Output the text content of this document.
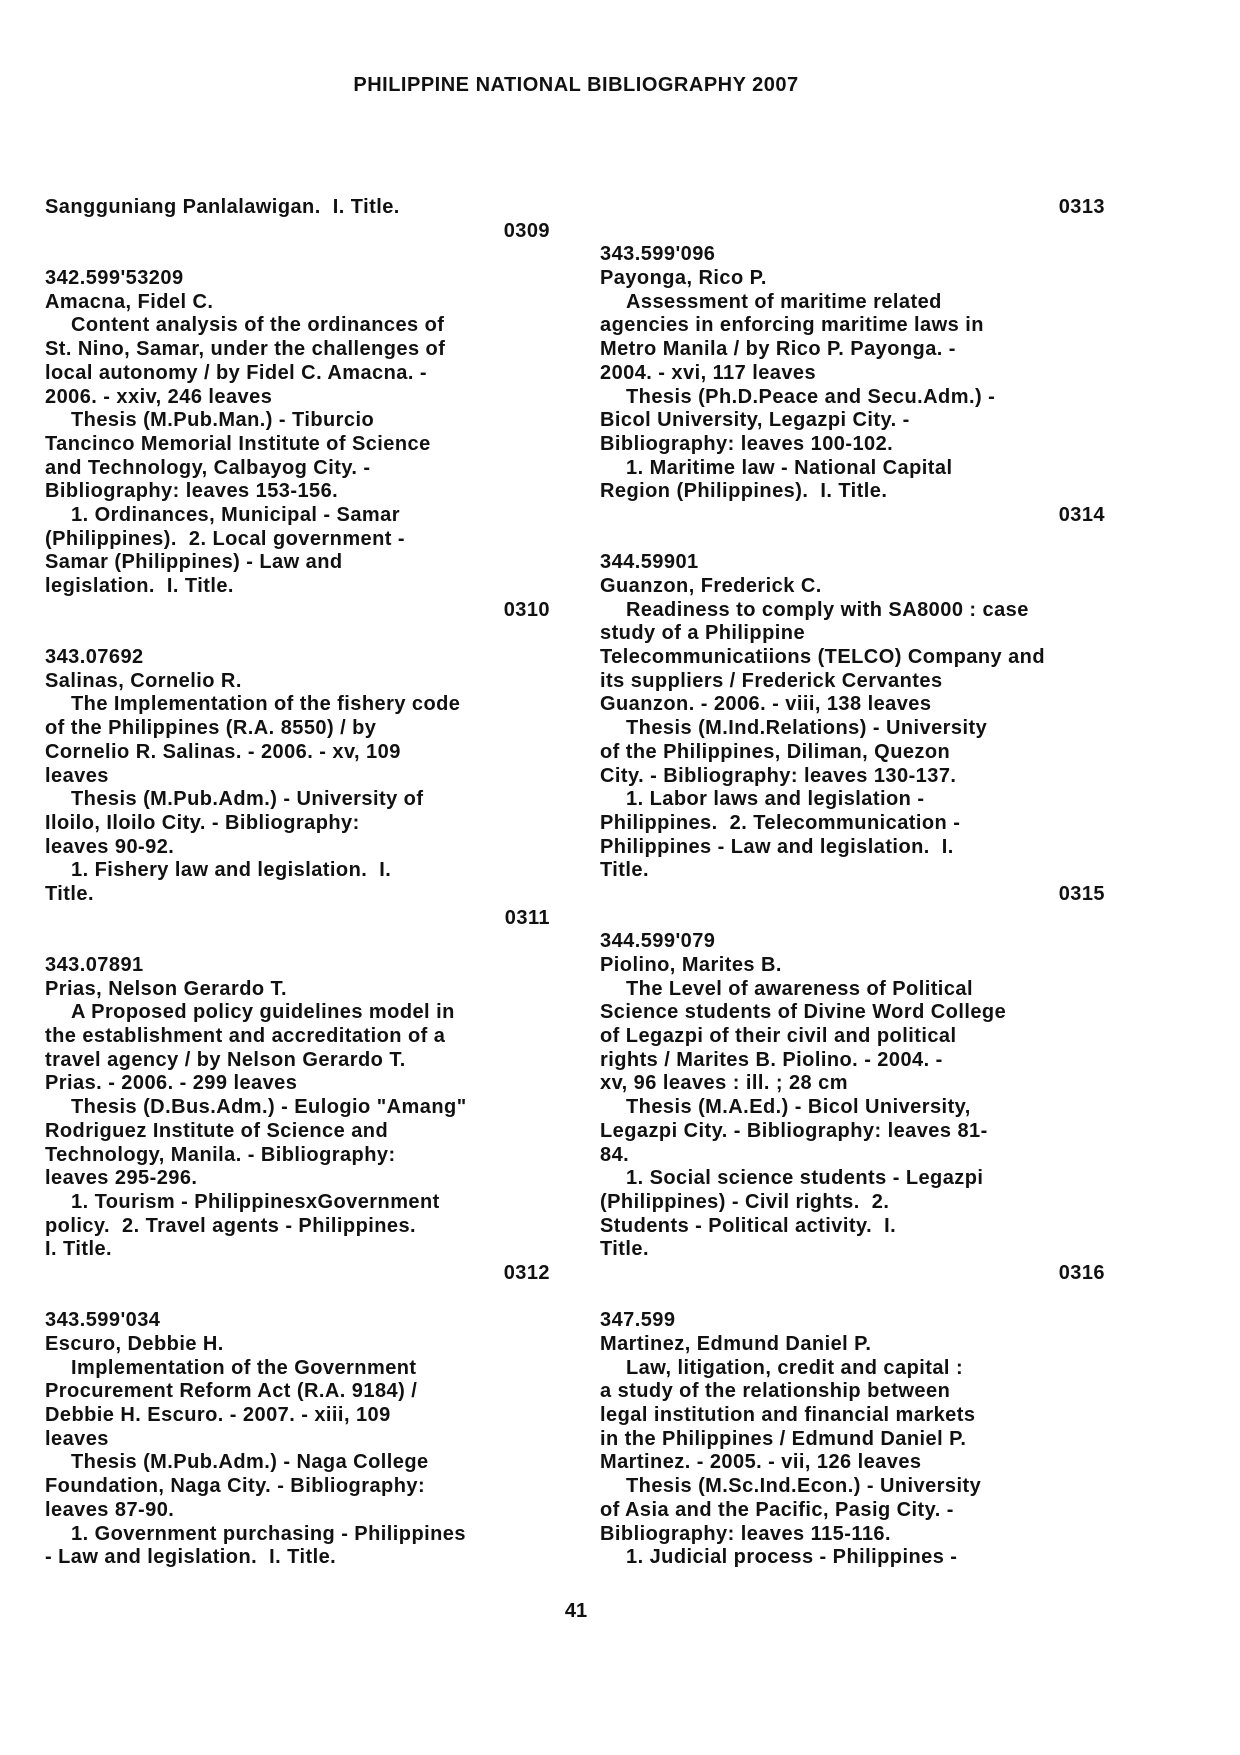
PHILIPPINE NATIONAL BIBLIOGRAPHY 2007
Sangguniang Panlalawigan.  I. Title.
0309
342.599'53209
Amacna, Fidel C.
Content analysis of the ordinances of
St. Nino, Samar, under the challenges of
local autonomy / by Fidel C. Amacna. -
2006. - xxiv, 246 leaves
Thesis (M.Pub.Man.) - Tiburcio
Tancinco Memorial Institute of Science
and Technology, Calbayog City. -
Bibliography: leaves 153-156.
1. Ordinances, Municipal - Samar
(Philippines).  2. Local government -
Samar (Philippines) - Law and
legislation.  I. Title.
0310
343.07692
Salinas, Cornelio R.
The Implementation of the fishery code
of the Philippines (R.A. 8550) / by
Cornelio R. Salinas. - 2006. - xv, 109
leaves
Thesis (M.Pub.Adm.) - University of
Iloilo, Iloilo City. - Bibliography:
leaves 90-92.
1. Fishery law and legislation.  I.
Title.
0311
343.07891
Prias, Nelson Gerardo T.
A Proposed policy guidelines model in
the establishment and accreditation of a
travel agency / by Nelson Gerardo T.
Prias. - 2006. - 299 leaves
Thesis (D.Bus.Adm.) - Eulogio "Amang"
Rodriguez Institute of Science and
Technology, Manila. - Bibliography:
leaves 295-296.
1. Tourism - PhilippinesxGovernment
policy.  2. Travel agents - Philippines.
I. Title.
0312
343.599'034
Escuro, Debbie H.
Implementation of the Government
Procurement Reform Act (R.A. 9184) /
Debbie H. Escuro. - 2007. - xiii, 109
leaves
Thesis (M.Pub.Adm.) - Naga College
Foundation, Naga City. - Bibliography:
leaves 87-90.
1. Government purchasing - Philippines
- Law and legislation.  I. Title.
0313
343.599'096
Payonga, Rico P.
Assessment of maritime related
agencies in enforcing maritime laws in
Metro Manila / by Rico P. Payonga. -
2004. - xvi, 117 leaves
Thesis (Ph.D.Peace and Secu.Adm.) -
Bicol University, Legazpi City. -
Bibliography: leaves 100-102.
1. Maritime law - National Capital
Region (Philippines).  I. Title.
0314
344.59901
Guanzon, Frederick C.
Readiness to comply with SA8000 : case
study of a Philippine
Telecommunicatiions (TELCO) Company and
its suppliers / Frederick Cervantes
Guanzon. - 2006. - viii, 138 leaves
Thesis (M.Ind.Relations) - University
of the Philippines, Diliman, Quezon
City. - Bibliography: leaves 130-137.
1. Labor laws and legislation -
Philippines.  2. Telecommunication -
Philippines - Law and legislation.  I.
Title.
0315
344.599'079
Piolino, Marites B.
The Level of awareness of Political
Science students of Divine Word College
of Legazpi of their civil and political
rights / Marites B. Piolino. - 2004. -
xv, 96 leaves : ill. ; 28 cm
Thesis (M.A.Ed.) - Bicol University,
Legazpi City. - Bibliography: leaves 81-
84.
1. Social science students - Legazpi
(Philippines) - Civil rights.  2.
Students - Political activity.  I.
Title.
0316
347.599
Martinez, Edmund Daniel P.
Law, litigation, credit and capital :
a study of the relationship between
legal institution and financial markets
in the Philippines / Edmund Daniel P.
Martinez. - 2005. - vii, 126 leaves
Thesis (M.Sc.Ind.Econ.) - University
of Asia and the Pacific, Pasig City. -
Bibliography: leaves 115-116.
1. Judicial process - Philippines -
41
